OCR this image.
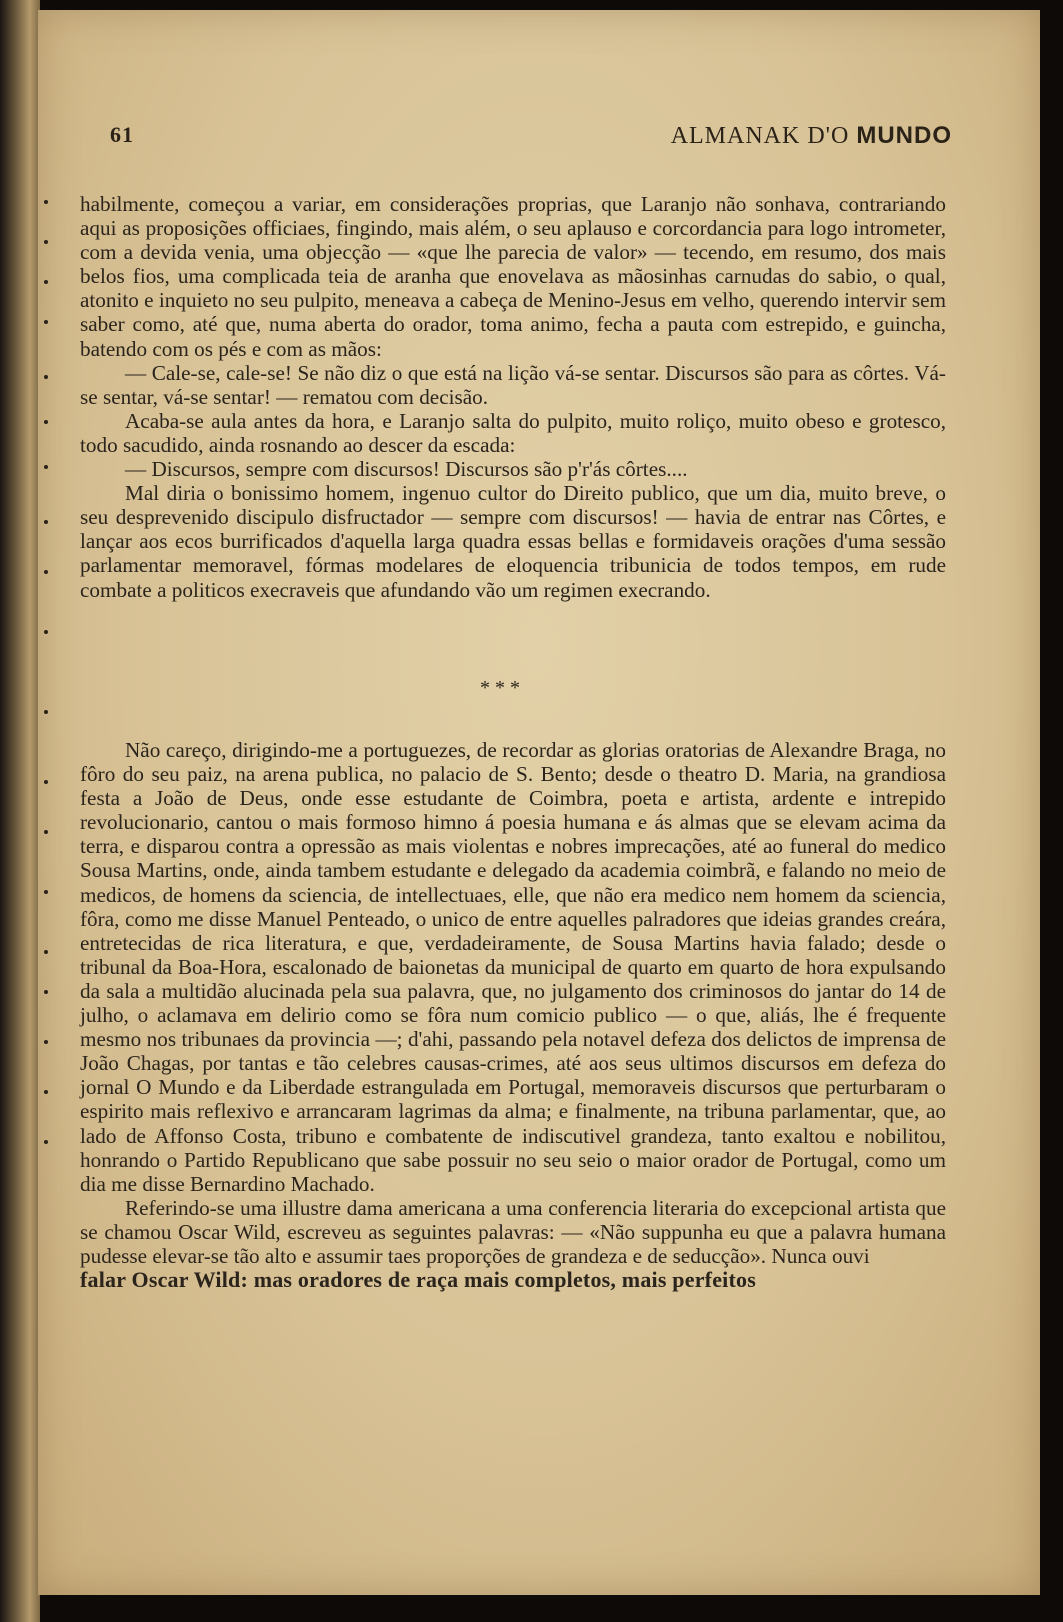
61	ALMANAK D'O MUNDO

habilmente, começou a variar, em considerações proprias, que Laranjo não sonhava, contrariando aqui as proposições officiaes, fingindo, mais além, o seu aplauso e corcordancia para logo intrometer, com a devida venia, uma objecção — «que lhe parecia de valor» — tecendo, em resumo, dos mais belos fios, uma complicada teia de aranha que enovelava as mãosinhas carnudas do sabio, o qual, atonito e inquieto no seu pulpito, meneava a cabeça de Menino-Jesus em velho, querendo intervir sem saber como, até que, numa aberta do orador, toma animo, fecha a pauta com estrepido, e guincha, batendo com os pés e com as mãos:

— Cale-se, cale-se! Se não diz o que está na lição vá-se sentar. Discursos são para as côrtes. Vá-se sentar, vá-se sentar! — rematou com decisão.

Acaba-se aula antes da hora, e Laranjo salta do pulpito, muito roliço, muito obeso e grotesco, todo sacudido, ainda rosnando ao descer da escada:

— Discursos, sempre com discursos! Discursos são p'r'ás côrtes....

Mal diria o bonissimo homem, ingenuo cultor do Direito publico, que um dia, muito breve, o seu desprevenido discipulo disfructador — sempre com discursos! — havia de entrar nas Côrtes, e lançar aos ecos burrificados d'aquella larga quadra essas bellas e formidaveis orações d'uma sessão parlamentar memoravel, fórmas modelares de eloquencia tribunicia de todos tempos, em rude combate a politicos execraveis que afundando vão um regimen execrando.

* * *

Não careço, dirigindo-me a portuguezes, de recordar as glorias oratorias de Alexandre Braga, no fôro do seu paiz, na arena publica, no palacio de S. Bento; desde o theatro D. Maria, na grandiosa festa a João de Deus, onde esse estudante de Coimbra, poeta e artista, ardente e intrepido revolucionario, cantou o mais formoso himno á poesia humana e ás almas que se elevam acima da terra, e disparou contra a opressão as mais violentas e nobres imprecações, até ao funeral do medico Sousa Martins, onde, ainda tambem estudante e delegado da academia coimbrã, e falando no meio de medicos, de homens da sciencia, de intellectuaes, elle, que não era medico nem homem da sciencia, fôra, como me disse Manuel Penteado, o unico de entre aquelles palradores que ideias grandes creára, entretecidas de rica literatura, e que, verdadeiramente, de Sousa Martins havia falado; desde o tribunal da Boa-Hora, escalonado de baionetas da municipal de quarto em quarto de hora expulsando da sala a multidão alucinada pela sua palavra, que, no julgamento dos criminosos do jantar do 14 de julho, o aclamava em delirio como se fôra num comicio publico — o que, aliás, lhe é frequente mesmo nos tribunaes da provincia —; d'ahi, passando pela notavel defeza dos delictos de imprensa de João Chagas, por tantas e tão celebres causas-crimes, até aos seus ultimos discursos em defeza do jornal O Mundo e da Liberdade estrangulada em Portugal, memoraveis discursos que perturbaram o espirito mais reflexivo e arrancaram lagrimas da alma; e finalmente, na tribuna parlamentar, que, ao lado de Affonso Costa, tribuno e combatente de indiscutivel grandeza, tanto exaltou e nobilitou, honrando o Partido Republicano que sabe possuir no seu seio o maior orador de Portugal, como um dia me disse Bernardino Machado.

Referindo-se uma illustre dama americana a uma conferencia literaria do excepcional artista que se chamou Oscar Wild, escreveu as seguintes palavras: — «Não suppunha eu que a palavra humana pudesse elevar-se tão alto e assumir taes proporções de grandeza e de seducção». Nunca ouvi

falar Oscar Wild: mas oradores de raça mais completos, mais perfeitos
